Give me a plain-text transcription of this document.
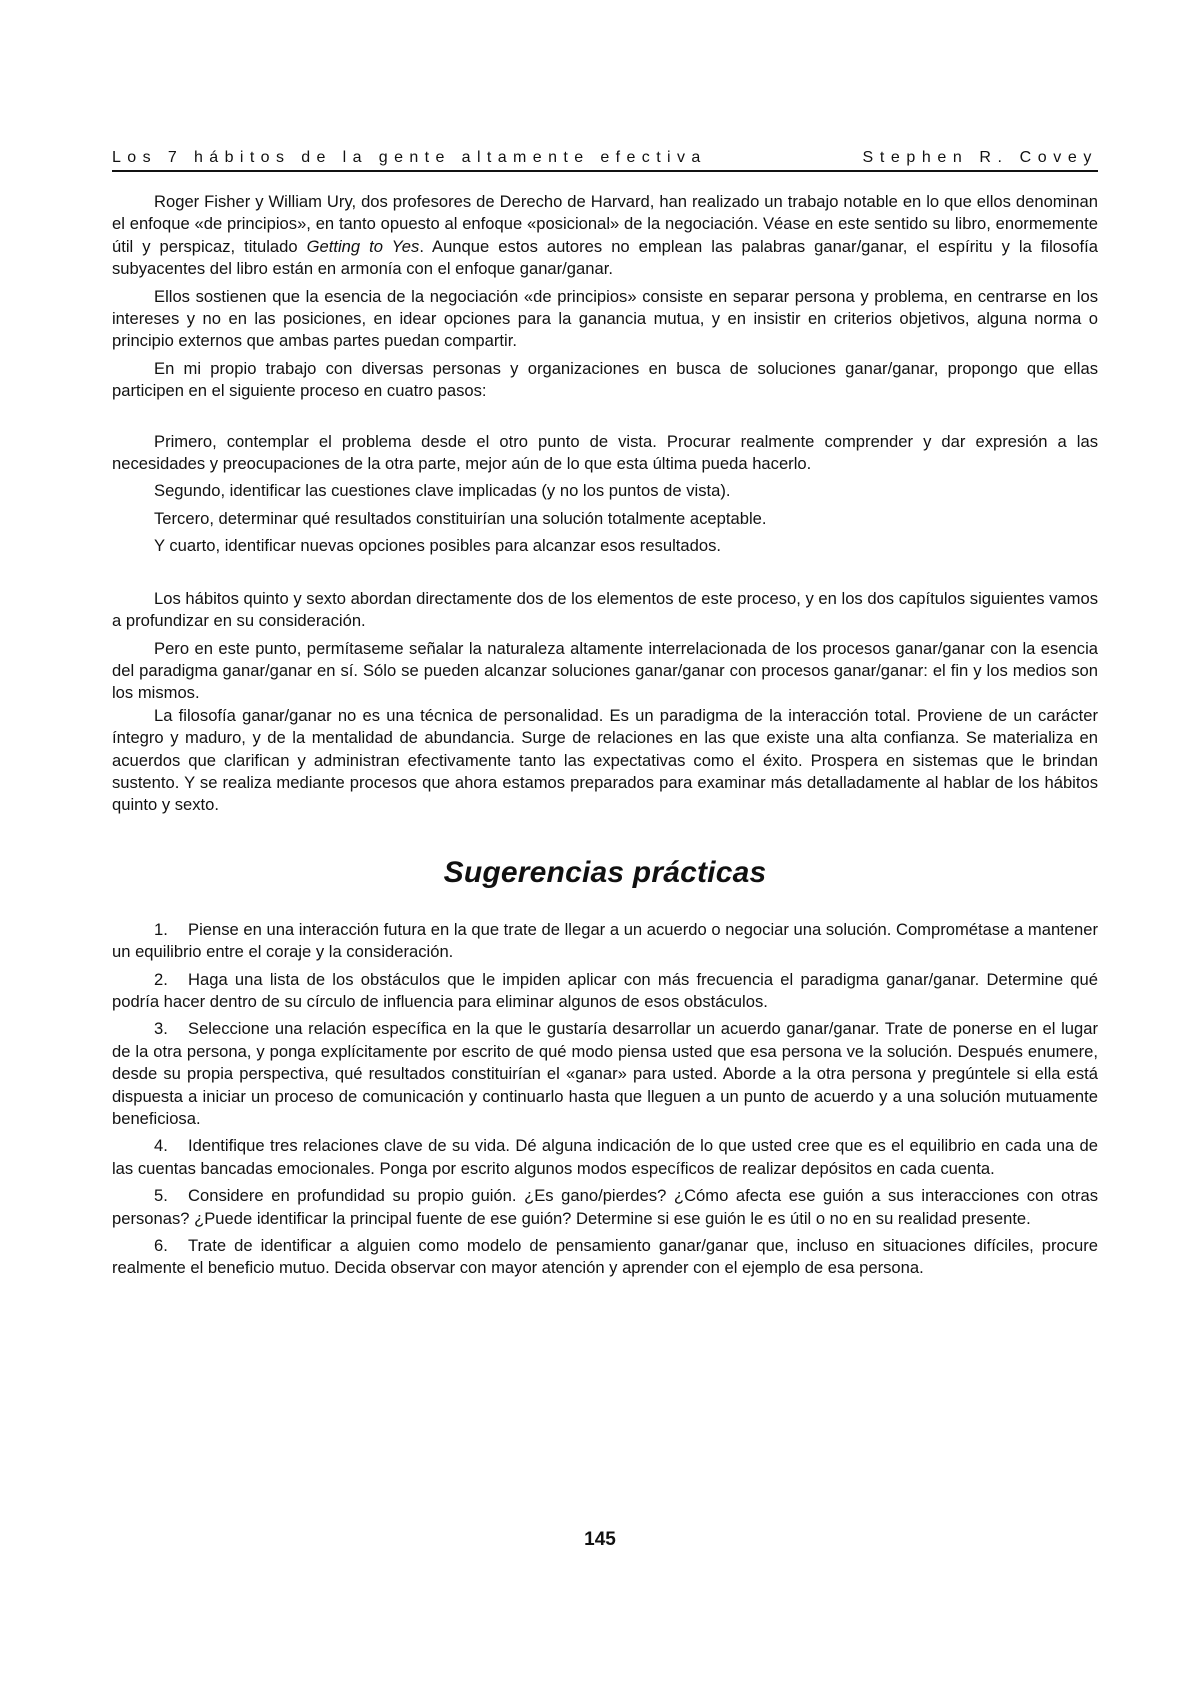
Los 7 hábitos de la gente altamente efectiva	Stephen R. Covey

Roger Fisher y William Ury, dos profesores de Derecho de Harvard, han realizado un trabajo notable en lo que ellos denominan el enfoque «de principios», en tanto opuesto al enfoque «posicional» de la negociación. Véase en este sentido su libro, enormemente útil y perspicaz, titulado Getting to Yes. Aunque estos autores no emplean las palabras ganar/ganar, el espíritu y la filosofía subyacentes del libro están en armonía con el enfoque ganar/ganar.

Ellos sostienen que la esencia de la negociación «de principios» consiste en separar persona y problema, en centrarse en los intereses y no en las posiciones, en idear opciones para la ganancia mutua, y en insistir en criterios objetivos, alguna norma o principio externos que ambas partes puedan compartir.

En mi propio trabajo con diversas personas y organizaciones en busca de soluciones ganar/ganar, propongo que ellas participen en el siguiente proceso en cuatro pasos:

Primero, contemplar el problema desde el otro punto de vista. Procurar realmente comprender y dar expresión a las necesidades y preocupaciones de la otra parte, mejor aún de lo que esta última pueda hacerlo.

Segundo, identificar las cuestiones clave implicadas (y no los puntos de vista).

Tercero, determinar qué resultados constituirían una solución totalmente aceptable.

Y cuarto, identificar nuevas opciones posibles para alcanzar esos resultados.

Los hábitos quinto y sexto abordan directamente dos de los elementos de este proceso, y en los dos capítulos siguientes vamos a profundizar en su consideración.

Pero en este punto, permítaseme señalar la naturaleza altamente interrelacionada de los procesos ganar/ganar con la esencia del paradigma ganar/ganar en sí. Sólo se pueden alcanzar soluciones ganar/ganar con procesos ganar/ganar: el fin y los medios son los mismos.

La filosofía ganar/ganar no es una técnica de personalidad. Es un paradigma de la interacción total. Proviene de un carácter íntegro y maduro, y de la mentalidad de abundancia. Surge de relaciones en las que existe una alta confianza. Se materializa en acuerdos que clarifican y administran efectivamente tanto las expectativas como el éxito. Prospera en sistemas que le brindan sustento. Y se realiza mediante procesos que ahora estamos preparados para examinar más detalladamente al hablar de los hábitos quinto y sexto.

Sugerencias prácticas

1. Piense en una interacción futura en la que trate de llegar a un acuerdo o negociar una solución. Comprométase a mantener un equilibrio entre el coraje y la consideración.

2. Haga una lista de los obstáculos que le impiden aplicar con más frecuencia el paradigma ganar/ganar. Determine qué podría hacer dentro de su círculo de influencia para eliminar algunos de esos obstáculos.

3. Seleccione una relación específica en la que le gustaría desarrollar un acuerdo ganar/ganar. Trate de ponerse en el lugar de la otra persona, y ponga explícitamente por escrito de qué modo piensa usted que esa persona ve la solución. Después enumere, desde su propia perspectiva, qué resultados constituirían el «ganar» para usted. Aborde a la otra persona y pregúntele si ella está dispuesta a iniciar un proceso de comunicación y continuarlo hasta que lleguen a un punto de acuerdo y a una solución mutuamente beneficiosa.

4. Identifique tres relaciones clave de su vida. Dé alguna indicación de lo que usted cree que es el equilibrio en cada una de las cuentas bancadas emocionales. Ponga por escrito algunos modos específicos de realizar depósitos en cada cuenta.

5. Considere en profundidad su propio guión. ¿Es gano/pierdes? ¿Cómo afecta ese guión a sus interacciones con otras personas? ¿Puede identificar la principal fuente de ese guión? Determine si ese guión le es útil o no en su realidad presente.

6. Trate de identificar a alguien como modelo de pensamiento ganar/ganar que, incluso en situaciones difíciles, procure realmente el beneficio mutuo. Decida observar con mayor atención y aprender con el ejemplo de esa persona.

145
